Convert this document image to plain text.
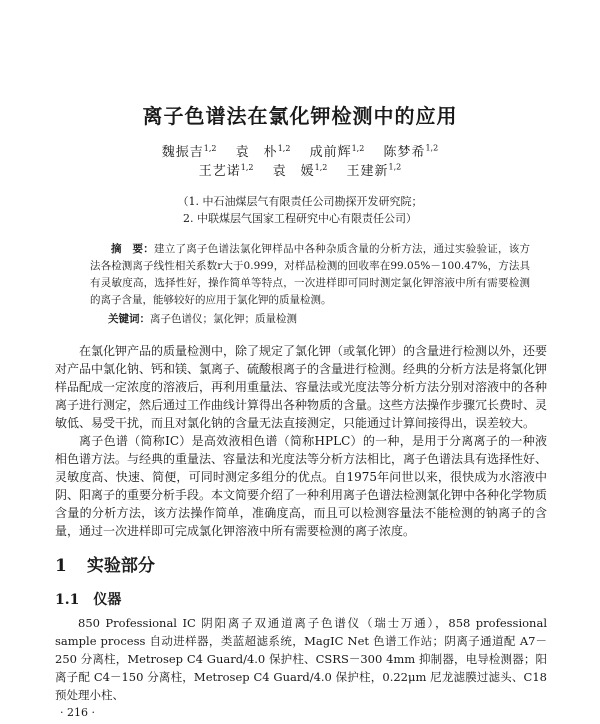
离子色谱法在氯化钾检测中的应用
魏振吉$^{1,2}$ 袁　朴$^{1,2}$ 成前辉$^{1,2}$ 陈梦希$^{1,2}$
王艺诺$^{1,2}$ 袁　媛$^{1,2}$ 王建新$^{1,2}$
（1. 中石油煤层气有限责任公司勘探开发研究院；
2. 中联煤层气国家工程研究中心有限责任公司）
摘　要：建立了离子色谱法氯化钾样品中各种杂质含量的分析方法，通过实验验证，该方法各检测离子线性相关系数r大于0.999，对样品检测的回收率在99.05%－100.47%，方法具有灵敏度高，选择性好，操作简单等特点，一次进样即可同时测定氯化钾溶液中所有需要检测的离子含量，能够较好的应用于氯化钾的质量检测。
关键词：离子色谱仪；氯化钾；质量检测

在氯化钾产品的质量检测中，除了规定了氯化钾（或氧化钾）的含量进行检测以外，还要对产品中氯化钠、钙和镁、氯离子、硫酸根离子的含量进行检测。经典的分析方法是将氯化钾样品配成一定浓度的溶液后，再利用重量法、容量法或光度法等分析方法分别对溶液中的各种离子进行测定，然后通过工作曲线计算得出各种物质的含量。这些方法操作步骤冗长费时、灵敏低、易受干扰，而且对氯化钠的含量无法直接测定，只能通过计算间接得出，误差较大。

离子色谱（简称IC）是高效液相色谱（简称HPLC）的一种，是用于分离离子的一种液相色谱方法。与经典的重量法、容量法和光度法等分析方法相比，离子色谱法具有选择性好、灵敏度高、快速、简便，可同时测定多组分的优点。自1975年问世以来，很快成为水溶液中阴、阳离子的重要分析手段。本文简要介绍了一种利用离子色谱法检测氯化钾中各种化学物质含量的分析方法，该方法操作简单，准确度高，而且可以检测容量法不能检测的钠离子的含量，通过一次进样即可完成氯化钾溶液中所有需要检测的离子浓度。

1 实验部分
1.1 仪器

850 Professional IC 阴阳离子双通道离子色谱仪（瑞士万通），858 professional sample process 自动进样器，类蓝超滤系统，MagIC Net 色谱工作站；阴离子通道配 A7－250 分离柱，Metrosep C4 Guard/4.0 保护柱、CSRS－300 4mm 抑制器，电导检测器；阳离子配 C4－150 分离柱，Metrosep C4 Guard/4.0 保护柱，0.22μm 尼龙滤膜过滤头、C18 预处理小柱、

· 216 ·
